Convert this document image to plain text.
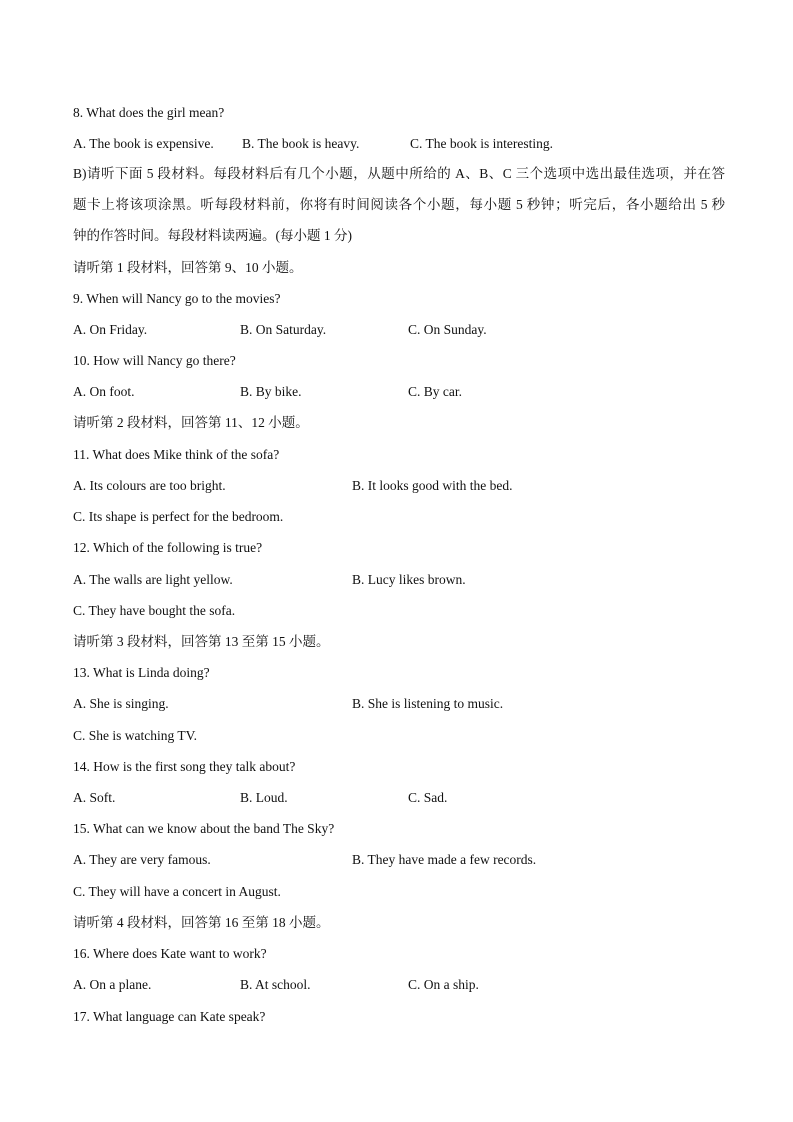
8. What does the girl mean?
A. The book is expensive. B. The book is heavy.	C. The book is interesting.
B)请听下面 5 段材料。每段材料后有几个小题，从题中所给的 A、B、C 三个选项中选出最佳选项，并在答
题卡上将该项涂黑。听每段材料前，你将有时间阅读各个小题，每小题 5 秒钟；听完后，各小题给出 5 秒
钟的作答时间。每段材料读两遍。(每小题 1 分)
请听第 1 段材料，回答第 9、10 小题。
9. When will Nancy go to the movies?
A. On Friday.	B. On Saturday.	C. On Sunday.
10. How will Nancy go there?
A. On foot.	B. By bike.	C. By car.
请听第 2 段材料，回答第 11、12 小题。
11. What does Mike think of the sofa?
A. Its colours are too bright.	B. It looks good with the bed.
C. Its shape is perfect for the bedroom.
12. Which of the following is true?
A. The walls are light yellow.	B. Lucy likes brown.
C. They have bought the sofa.
请听第 3 段材料，回答第 13 至第 15 小题。
13. What is Linda doing?
A. She is singing.	B. She is listening to music.
C. She is watching TV.
14. How is the first song they talk about?
A. Soft.	B. Loud.	C. Sad.
15. What can we know about the band The Sky?
A. They are very famous.	B. They have made a few records.
C. They will have a concert in August.
请听第 4 段材料，回答第 16 至第 18 小题。
16. Where does Kate want to work?
A. On a plane.	B. At school.	C. On a ship.
17. What language can Kate speak?
